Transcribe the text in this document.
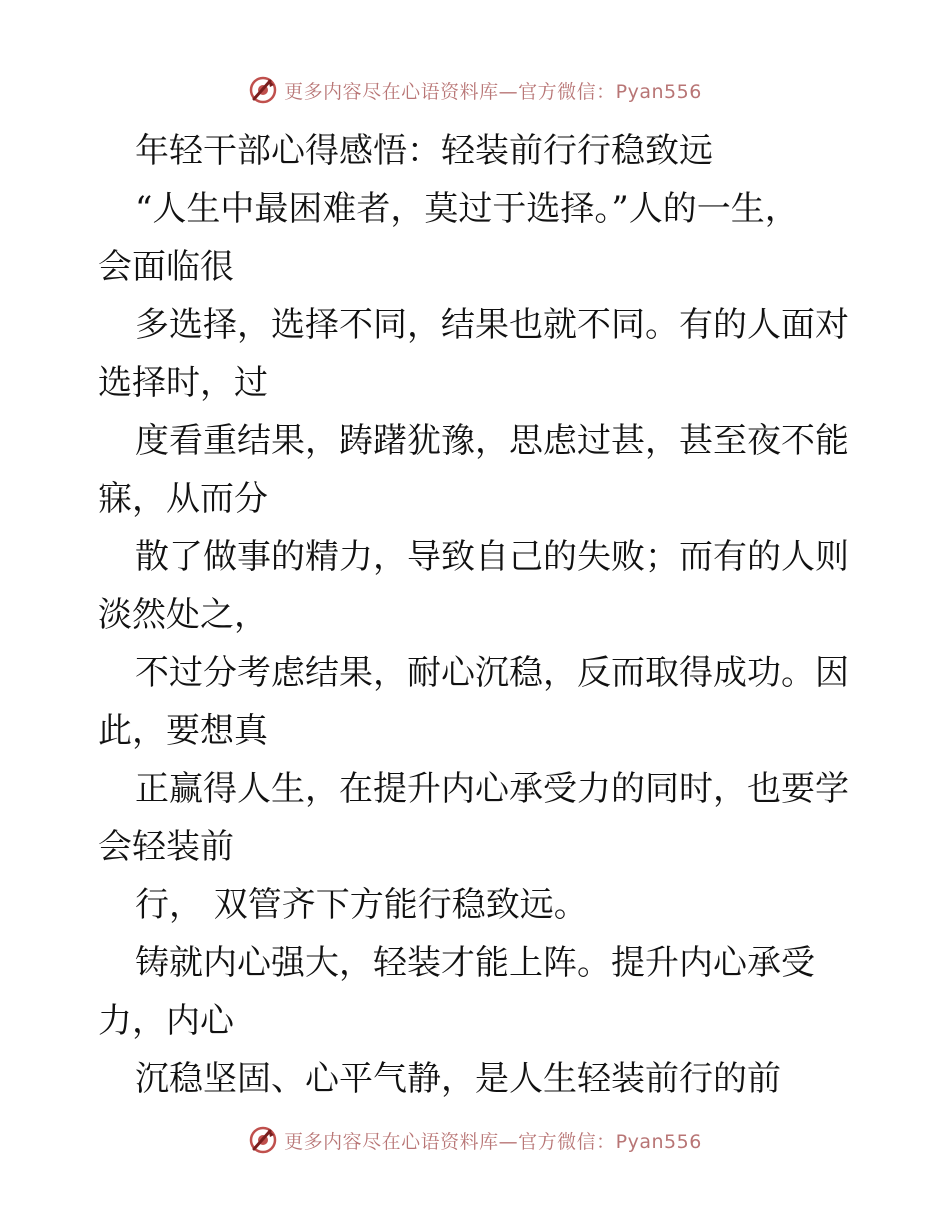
更多内容尽在心语资料库—官方微信：Pyan556
年轻干部心得感悟：轻装前行行稳致远
“人生中最困难者，莫过于选择。”人的一生，
会面临很
多选择，选择不同，结果也就不同。有的人面对
选择时，过
度看重结果，踌躇犹豫，思虑过甚，甚至夜不能
寐，从而分
散了做事的精力，导致自己的失败；而有的人则
淡然处之，
不过分考虑结果，耐心沉稳，反而取得成功。因
此，要想真
正赢得人生，在提升内心承受力的同时，也要学
会轻装前
行， 双管齐下方能行稳致远。
铸就内心强大，轻装才能上阵。提升内心承受
力，内心
沉稳坚固、心平气静，是人生轻装前行的前
更多内容尽在心语资料库—官方微信：Pyan556
